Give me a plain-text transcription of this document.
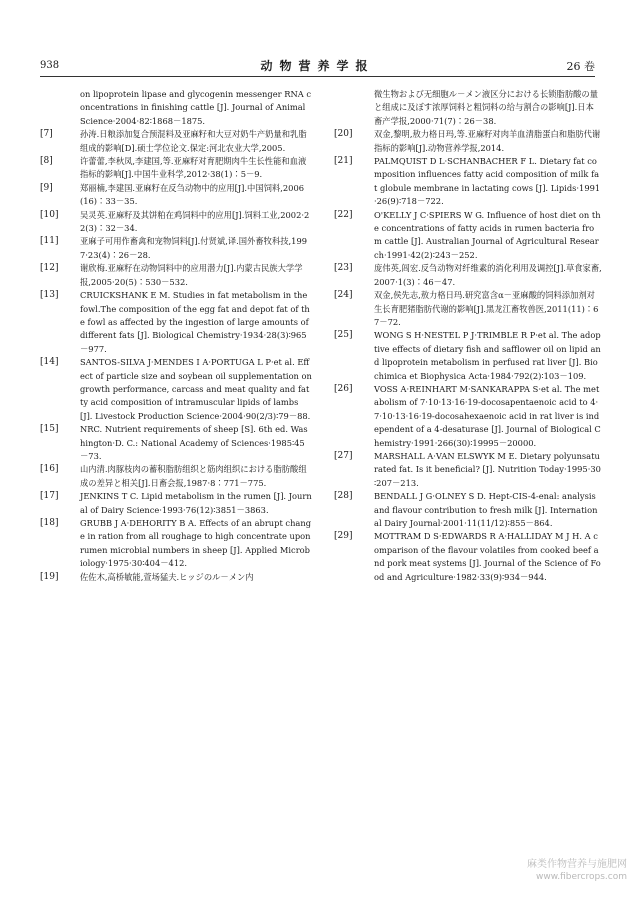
938	动物营养学报	26 卷

on lipoprotein lipase and glycogenin messenger RNA concentrations in finishing cattle [J]. Journal of Animal Science·2004·82∶1868－1875.

[7]	孙涛.日粮添加复合预混料及亚麻籽和大豆对奶牛产奶量和乳脂组成的影响[D].硕士学位论文.保定:河北农业大学,2005.

[8]	许蕾蕾,李秋凤,李建国,等.亚麻籽对育肥期肉牛生长性能和血液指标的影响[J].中国牛业科学,2012·38(1)∶5－9.

[9]	郑丽楠,李建国.亚麻籽在反刍动物中的应用[J].中国饲料,2006(16)∶33－35.

[10]	吴灵英.亚麻籽及其饼粕在鸡饲料中的应用[J].饲料工业,2002·22(3)∶32－34.

[11]	亚麻子可用作畜禽和宠物饲料[J].付贤斌,译.国外畜牧科技,1997·23(4)∶26－28.

[12]	谢欣梅.亚麻籽在动物饲料中的应用潜力[J].内蒙古民族大学学报,2005·20(5)∶530－532.

[13]	CRUICKSHANK E M. Studies in fat metabolism in the fowl.The composition of the egg fat and depot fat of the fowl as affected by the ingestion of large amounts of different fats [J]. Biological Chemistry·1934·28(3)∶965－977.

[14]	SANTOS-SILVA J·MENDES I A·PORTUGA L P·et al. Effect of particle size and soybean oil supplementation on growth performance, carcass and meat quality and fatty acid composition of intramuscular lipids of lambs [J]. Livestock Production Science·2004·90(2/3)∶79－88.

[15]	NRC. Nutrient requirements of sheep [S]. 6th ed. Washington·D. C.: National Academy of Sciences·1985∶45－73.

[16]	山内清.肉豚枝肉の蓄积脂肪组织と筋肉组织における脂肪酸组成の差异と相关[J].日畜会报,1987·8∶771－775.

[17]	JENKINS T C. Lipid metabolism in the rumen [J]. Journal of Dairy Science·1993·76(12)∶3851－3863.

[18]	GRUBB J A·DEHORITY B A. Effects of an abrupt change in ration from all roughage to high concentrate upon rumen microbial numbers in sheep [J]. Applied Microbiology·1975·30∶404－412.

[19]	佐佐木,高桥敏能,萱场猛夫.ヒッジのル－メン内

微生物および无细胞ル－メン液区分における长锁脂肪酸の量と组成に及ぼす浓厚饲料と粗饲料の给与割合の影响[J].日本畜产学报,2000·71(7)∶26－38.

[20]	双金,黎明,敖力格日玛,等.亚麻籽对肉羊血清脂蛋白和脂肪代谢指标的影响[J].动物营养学报,2014.

[21]	PALMQUIST D L·SCHANBACHER F L. Dietary fat composition influences fatty acid composition of milk fat globule membrane in lactating cows [J]. Lipids·1991·26(9)∶718－722.

[22]	O'KELLY J C·SPIERS W G. Influence of host diet on the concentrations of fatty acids in rumen bacteria from cattle [J]. Australian Journal of Agricultural Research·1991·42(2)∶243－252.

[23]	庞伟英,闾宏.反刍动物对纤维素的消化利用及调控[J].草食家畜,2007·1(3)∶46－47.

[24]	双金,侯先志,敖力格日玛.研究富含α－亚麻酸的饲料添加剂对生长育肥猪脂肪代谢的影响[J].黑龙江畜牧兽医,2011(11)∶67－72.

[25]	WONG S H·NESTEL P J·TRIMBLE R P·et al. The adoptive effects of dietary fish and safflower oil on lipid and lipoprotein metabolism in perfused rat liver [J]. Biochimica et Biophysica Acta·1984·792(2)∶103－109.

[26]	VOSS A·REINHART M·SANKARAPPA S·et al. The metabolism of 7·10·13·16·19-docosapentaenoic acid to 4·7·10·13·16·19-docosahexaenoic acid in rat liver is independent of a 4-desaturase [J]. Journal of Biological Chemistry·1991·266(30)∶19995－20000.

[27]	MARSHALL A·VAN ELSWYK M E. Dietary polyunsaturated fat. Is it beneficial? [J]. Nutrition Today·1995·30∶207－213.

[28]	BENDALL J G·OLNEY S D. Hept-CIS-4-enal: analysis and flavour contribution to fresh milk [J]. International Dairy Journal·2001·11(11/12)∶855－864.

[29]	MOTTRAM D S·EDWARDS R A·HALLIDAY M J H. A comparison of the flavour volatiles from cooked beef and pork meat systems [J]. Journal of the Science of Food and Agriculture·1982·33(9)∶934－944.

麻类作物营养与施肥网
www.fibercrops.com
